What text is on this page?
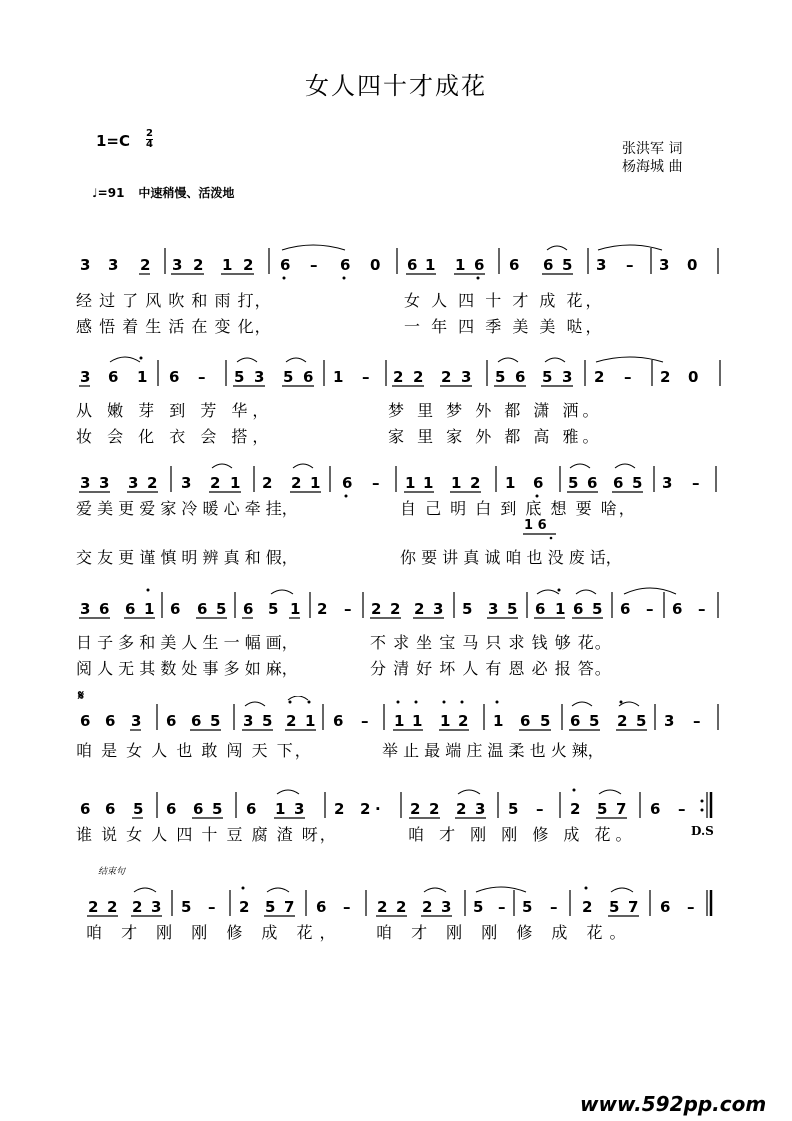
女人四十才成花
$1=C \frac{2}{4}$	张洪军 词
杨海城 曲
♩=91 中速稍慢、活泼地
3 3 2 3 2 1 2 6 – 6 0 6 1 1 6 6 6 5 3 – 3 0
经 过 了 风 吹 和 雨 打，	女 人 四 十 才 成 花，
感 悟 着 生 活 在 变 化，	一 年 四 季 美 美 哒，
3 6 1 6 – 5 3 5 6 1 – 2 2 2 3 5 6 5 3 2 – 2 0
从 嫩 芽 到 芳 华，	梦 里 梦 外 都 潇 洒。
妆 会 化 衣 会 搭，	家 里 家 外 都 高 雅。
3 3 3 2 3 2 1 2 2 1 6 – 1 1 1 2 1 6 5 6 6 5 3 –
爱 美 更 爱 家 冷 暖 心 牵 挂，	自 己 明 白 到 底 想 要 啥，
1 6
交 友 更 谨 慎 明 辨 真 和 假，	你 要 讲 真 诚 咱 也 没 废 话，
3 6 6 1 6 6 5 6 5 1 2 – 2 2 2 3 5 3 5 6 1 6 5 6 – 6 –
日 子 多 和 美 人 生 一 幅 画，	不 求 坐 宝 马 只 求 钱 够 花。
阅 人 无 其 数 处 事 多 如 麻，	分 清 好 坏 人 有 恩 必 报 答。
𝄋
6 6 3 6 6 5 3 5 2 1 6 – 1 1 1 2 1 6 5 6 5 2 5 3 –
咱 是 女 人 也 敢 闯 天 下，	举 止 最 端 庄 温 柔 也 火 辣，
6 6 5 6 6 5 6 1 3 2 2 · 2 2 2 3 5 – 2 5 7 6 –
谁 说 女 人 四 十 豆 腐 渣 呀，	咱 才 刚 刚 修 成 花。	D.S
结束句
2 2 2 3 5 – 2 5 7 6 – 2 2 2 3 5 – 5 – 2 5 7 6 –
咱 才 刚 刚 修 成 花， 咱 才 刚 刚 修 成 花。
www.592pp.com
